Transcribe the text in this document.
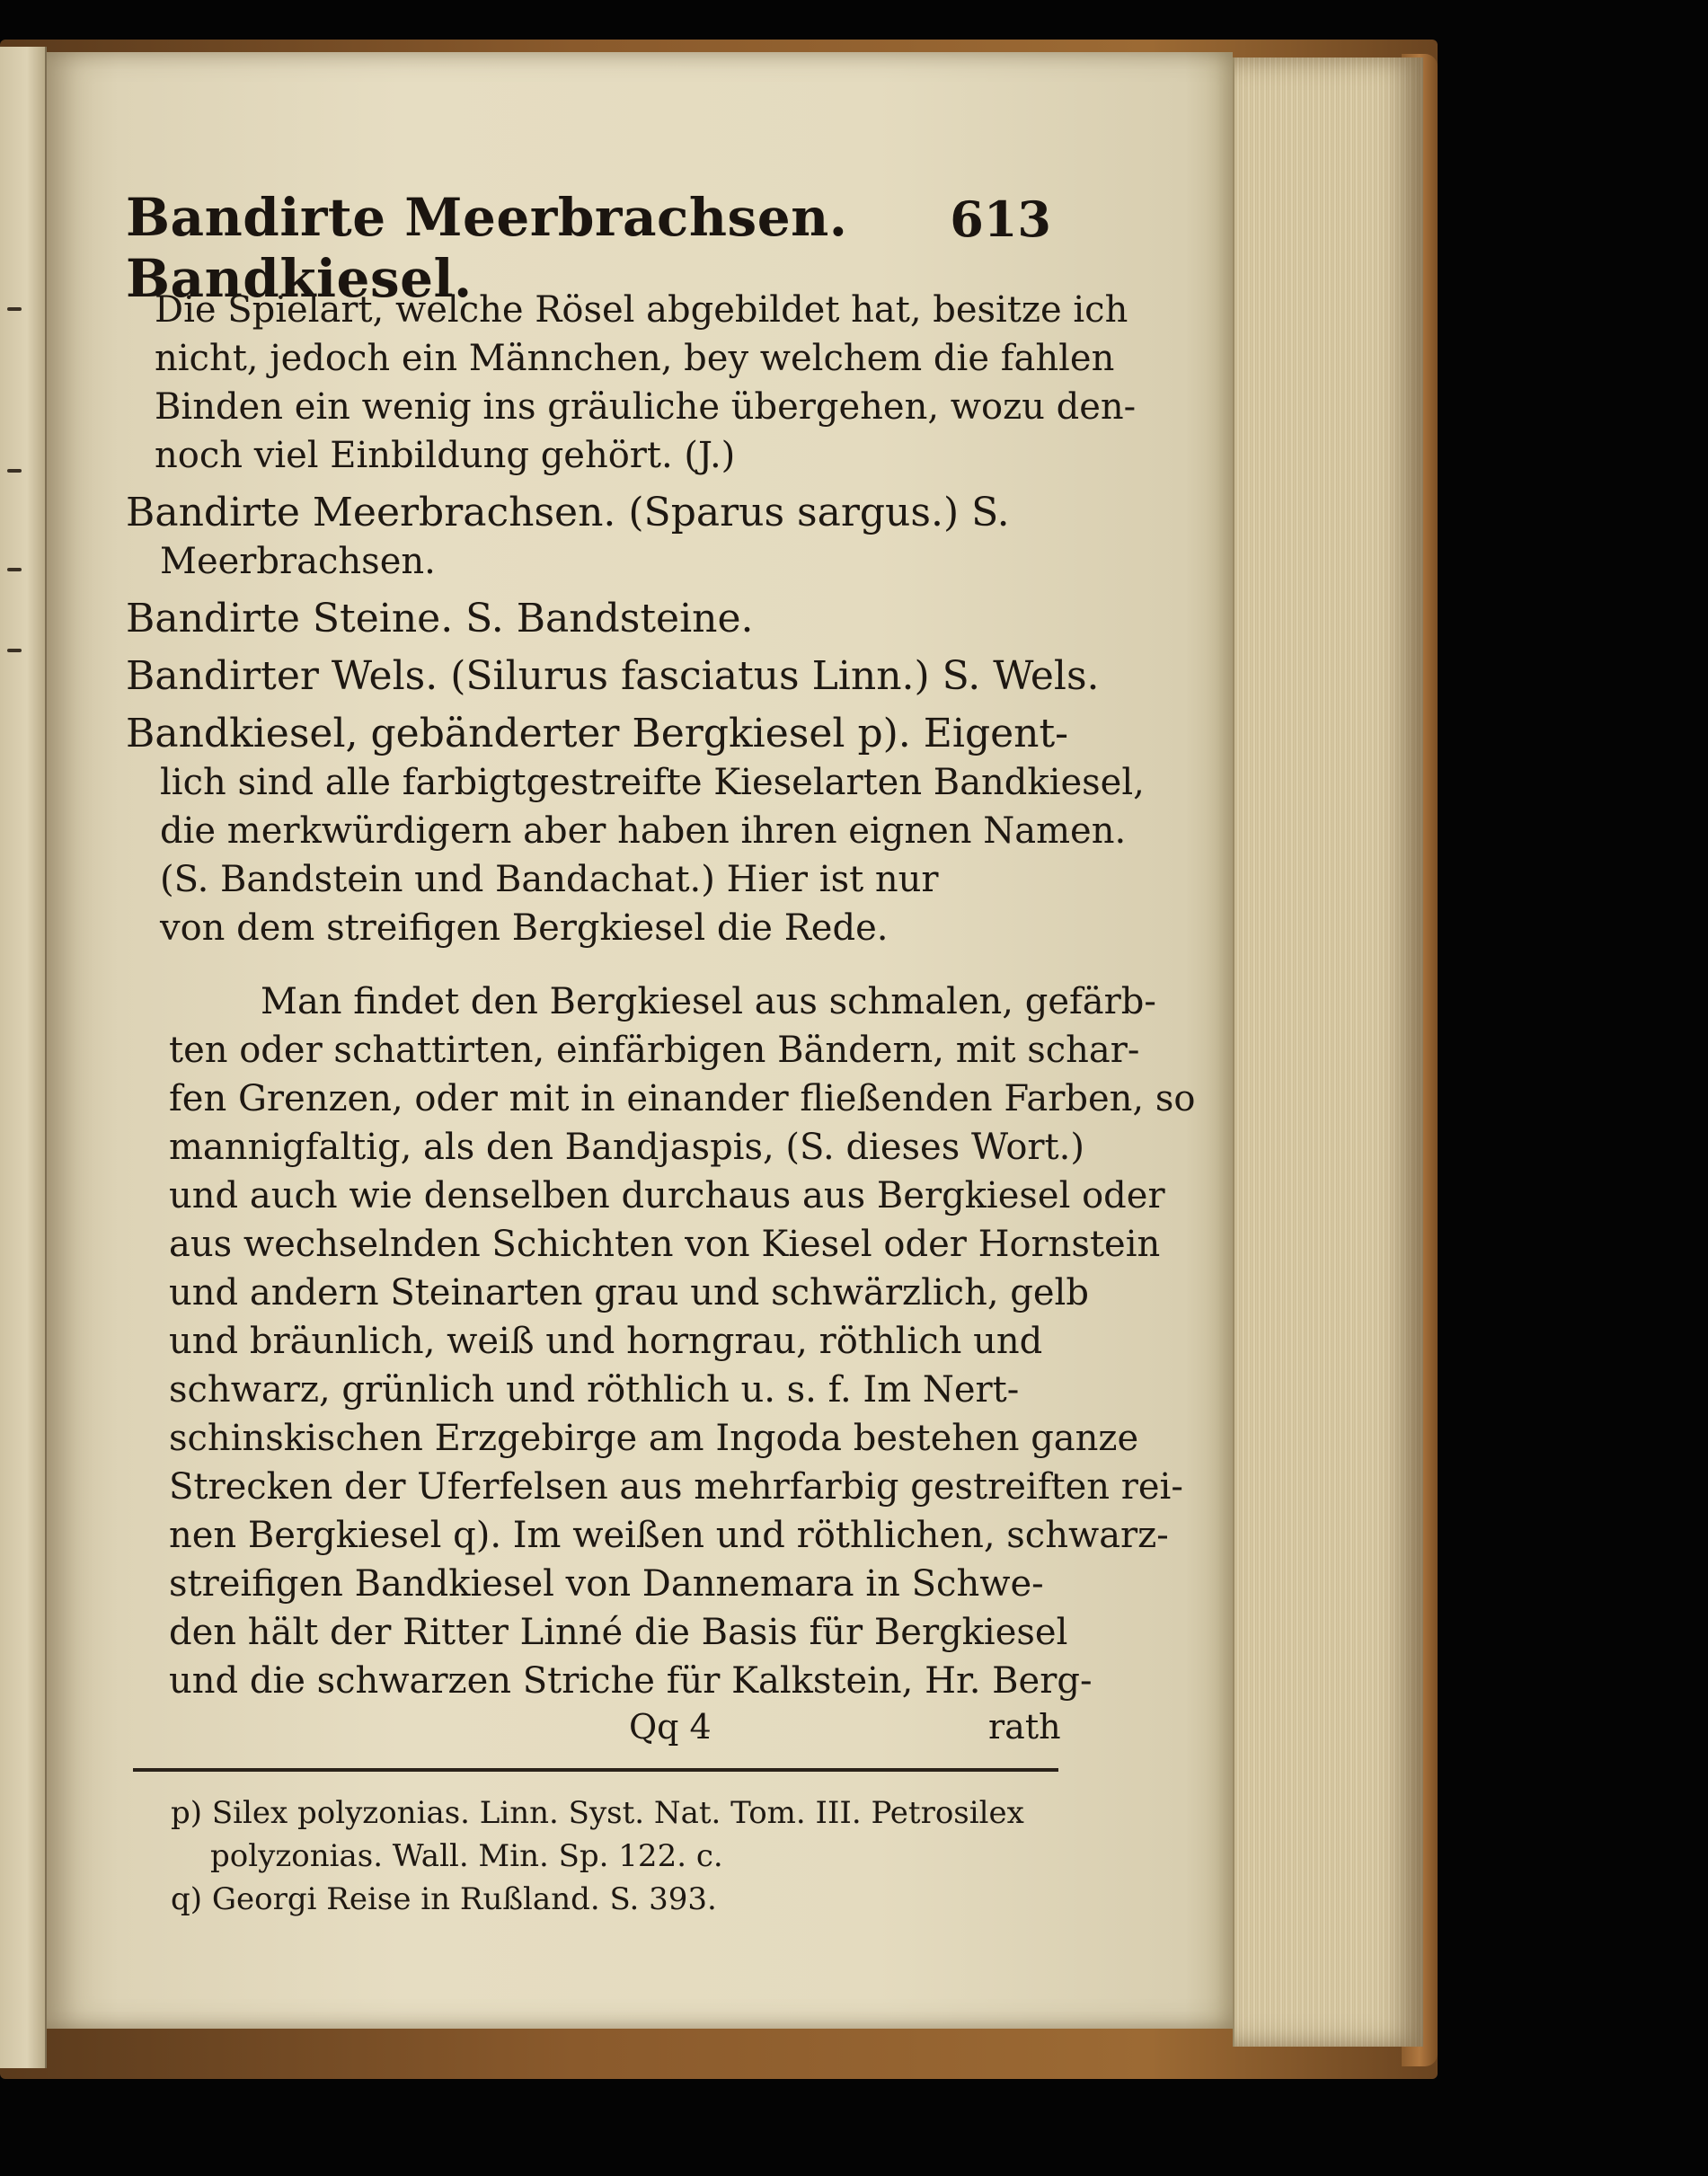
Bandirte Meerbrachsen. Bandkiesel.
613
Die Spielart, welche Rösel abgebildet hat, besitze ich
nicht, jedoch ein Männchen, bey welchem die fahlen
Binden ein wenig ins gräuliche übergehen, wozu den-
noch viel Einbildung gehört. (J.)
Bandirte Meerbrachsen. (Sparus sargus.) S.
Meerbrachsen.
Bandirte Steine. S. Bandsteine.
Bandirter Wels. (Silurus fasciatus Linn.) S. Wels.
Bandkiesel, gebänderter Bergkiesel p). Eigent-
lich sind alle farbigtgestreifte Kieselarten Bandkiesel,
die merkwürdigern aber haben ihren eignen Namen.
(S. Bandstein und Bandachat.) Hier ist nur
von dem streifigen Bergkiesel die Rede.
Man findet den Bergkiesel aus schmalen, gefärb-
ten oder schattirten, einfärbigen Bändern, mit schar-
fen Grenzen, oder mit in einander fließenden Farben, so
mannigfaltig, als den Bandjaspis, (S. dieses Wort.)
und auch wie denselben durchaus aus Bergkiesel oder
aus wechselnden Schichten von Kiesel oder Hornstein
und andern Steinarten grau und schwärzlich, gelb
und bräunlich, weiß und horngrau, röthlich und
schwarz, grünlich und röthlich u. s. f. Im Nert-
schinskischen Erzgebirge am Ingoda bestehen ganze
Strecken der Uferfelsen aus mehrfarbig gestreiften rei-
nen Bergkiesel q). Im weißen und röthlichen, schwarz-
streifigen Bandkiesel von Dannemara in Schwe-
den hält der Ritter Linné die Basis für Bergkiesel
und die schwarzen Striche für Kalkstein, Hr. Berg-
Qq 4	rath
p) Silex polyzonias. Linn. Syst. Nat. Tom. III. Petrosilex
polyzonias. Wall. Min. Sp. 122. c.
q) Georgi Reise in Rußland. S. 393.
